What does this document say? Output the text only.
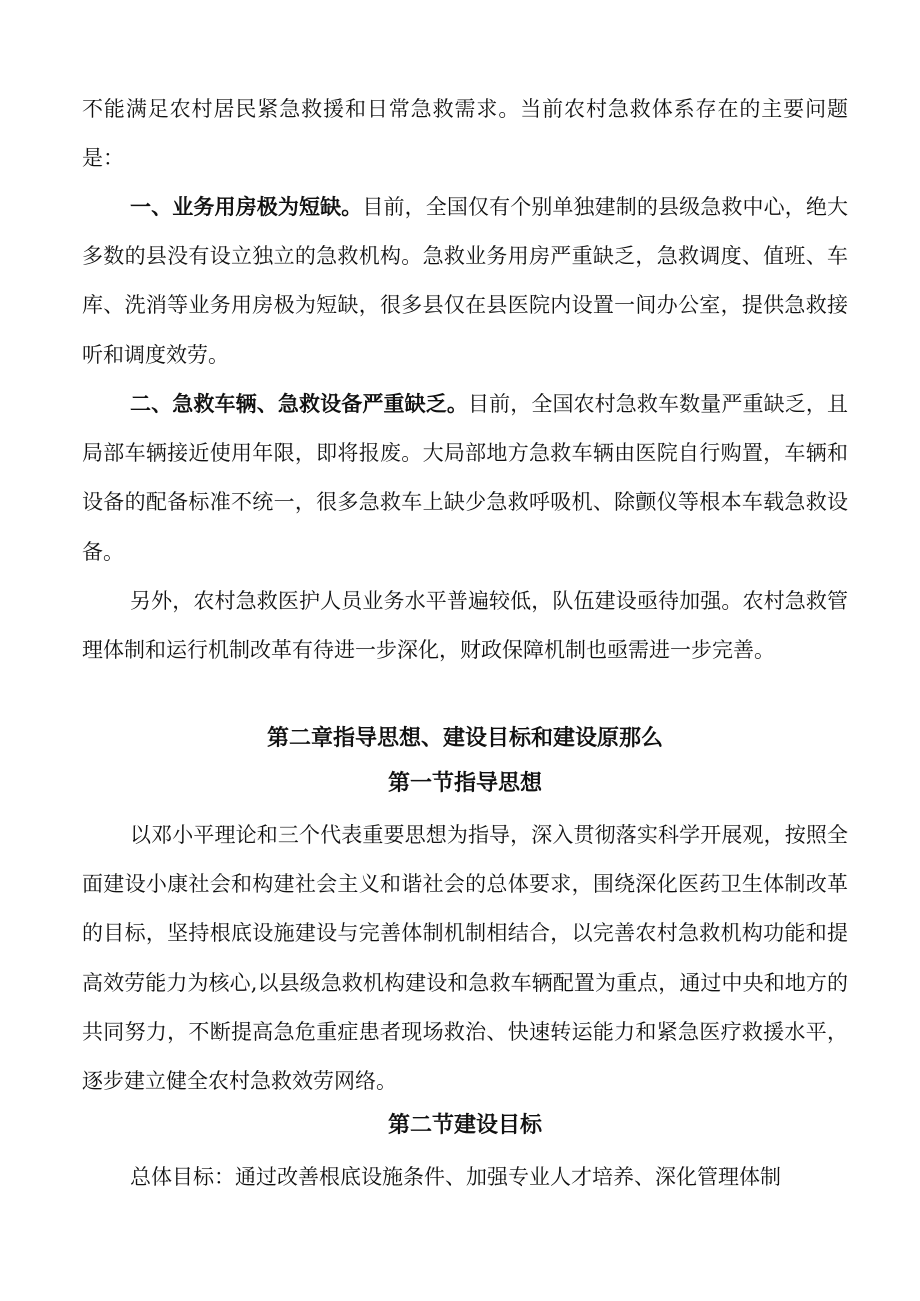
不能满足农村居民紧急救援和日常急救需求。当前农村急救体系存在的主要问题是：

一、业务用房极为短缺。目前，全国仅有个别单独建制的县级急救中心，绝大多数的县没有设立独立的急救机构。急救业务用房严重缺乏，急救调度、值班、车库、洗消等业务用房极为短缺，很多县仅在县医院内设置一间办公室，提供急救接听和调度效劳。

二、急救车辆、急救设备严重缺乏。目前，全国农村急救车数量严重缺乏，且局部车辆接近使用年限，即将报废。大局部地方急救车辆由医院自行购置，车辆和设备的配备标准不统一，很多急救车上缺少急救呼吸机、除颤仪等根本车载急救设备。

另外，农村急救医护人员业务水平普遍较低，队伍建设亟待加强。农村急救管理体制和运行机制改革有待进一步深化，财政保障机制也亟需进一步完善。

第二章指导思想、建设目标和建设原那么
第一节指导思想

以邓小平理论和三个代表重要思想为指导，深入贯彻落实科学开展观，按照全面建设小康社会和构建社会主义和谐社会的总体要求，围绕深化医药卫生体制改革的目标，坚持根底设施建设与完善体制机制相结合，以完善农村急救机构功能和提高效劳能力为核心,以县级急救机构建设和急救车辆配置为重点，通过中央和地方的共同努力，不断提高急危重症患者现场救治、快速转运能力和紧急医疗救援水平，逐步建立健全农村急救效劳网络。

第二节建设目标

总体目标：通过改善根底设施条件、加强专业人才培养、深化管理体制
